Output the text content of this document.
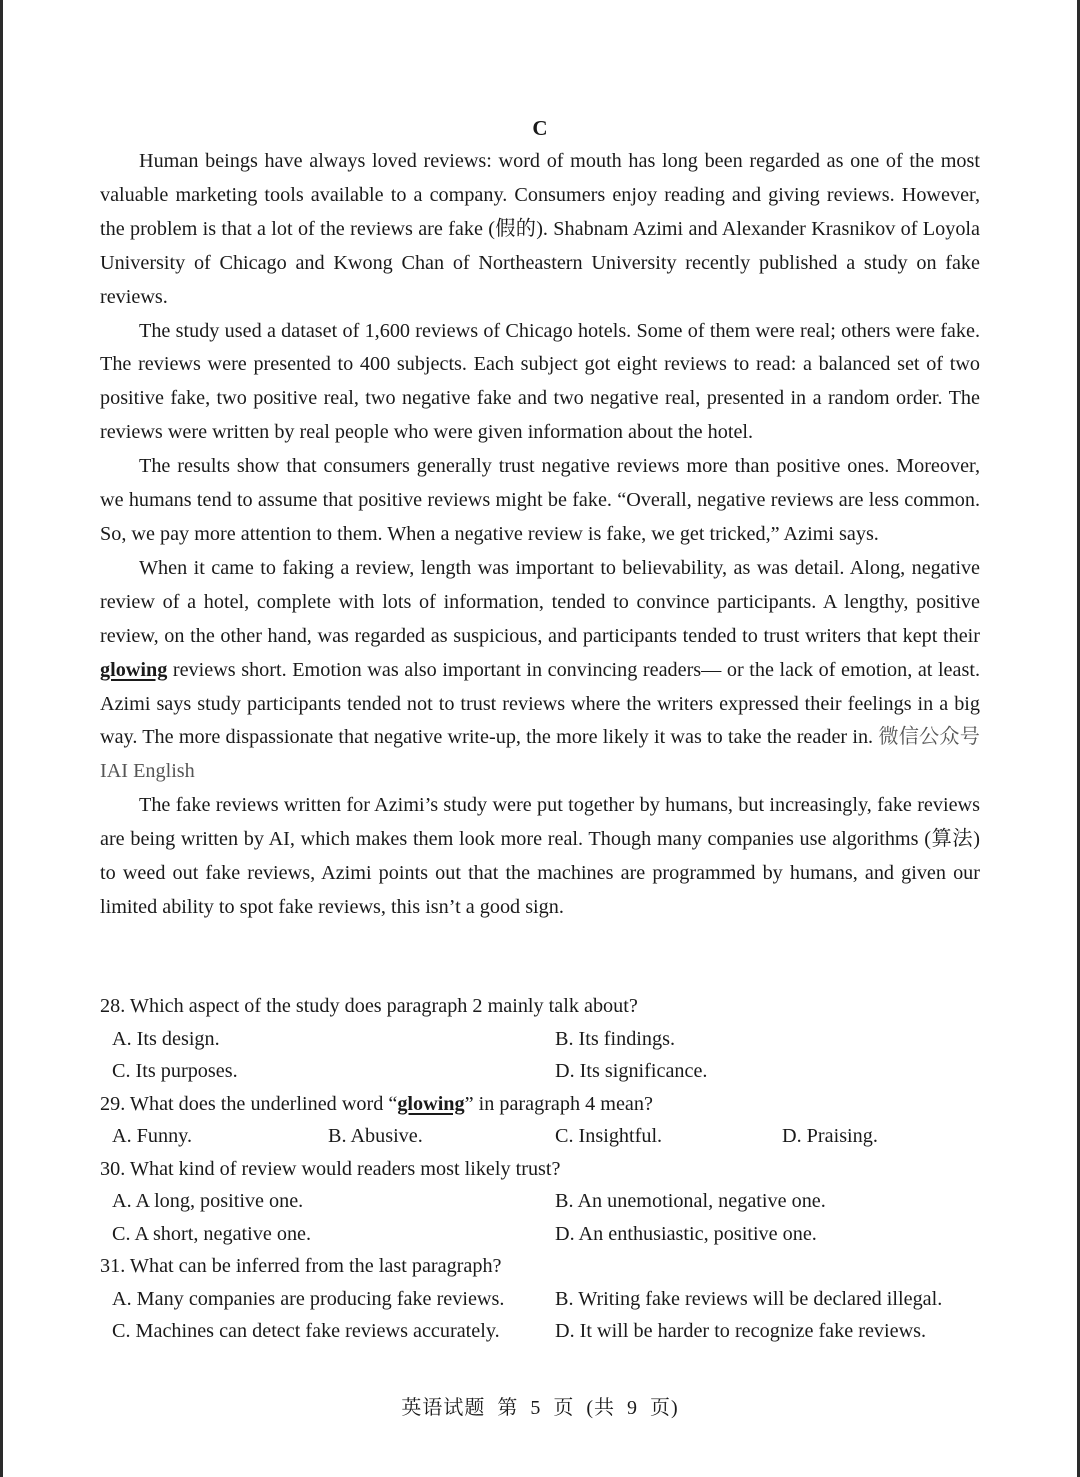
C

Human beings have always loved reviews: word of mouth has long been regarded as one of the most valuable marketing tools available to a company. Consumers enjoy reading and giving reviews. However, the problem is that a lot of the reviews are fake (假的). Shabnam Azimi and Alexander Krasnikov of Loyola University of Chicago and Kwong Chan of Northeastern University recently published a study on fake reviews.

The study used a dataset of 1,600 reviews of Chicago hotels. Some of them were real; others were fake. The reviews were presented to 400 subjects. Each subject got eight reviews to read: a balanced set of two positive fake, two positive real, two negative fake and two negative real, presented in a random order. The reviews were written by real people who were given information about the hotel.

The results show that consumers generally trust negative reviews more than positive ones. Moreover, we humans tend to assume that positive reviews might be fake. “Overall, negative reviews are less common. So, we pay more attention to them. When a negative review is fake, we get tricked,” Azimi says.

When it came to faking a review, length was important to believability, as was detail. Along, negative review of a hotel, complete with lots of information, tended to convince participants. A lengthy, positive review, on the other hand, was regarded as suspicious, and participants tended to trust writers that kept their glowing reviews short. Emotion was also important in convincing readers— or the lack of emotion, at least. Azimi says study participants tended not to trust reviews where the writers expressed their feelings in a big way. The more dispassionate that negative write-up, the more likely it was to take the reader in. 微信公众号 IAI English

The fake reviews written for Azimi’s study were put together by humans, but increasingly, fake reviews are being written by AI, which makes them look more real. Though many companies use algorithms (算法) to weed out fake reviews, Azimi points out that the machines are programmed by humans, and given our limited ability to spot fake reviews, this isn’t a good sign.

28. Which aspect of the study does paragraph 2 mainly talk about?

A. Its design.	B. Its findings.
C. Its purposes.	D. Its significance.

29. What does the underlined word “glowing” in paragraph 4 mean?

A. Funny.	B. Abusive.	C. Insightful.	D. Praising.

30. What kind of review would readers most likely trust?

A. A long, positive one.	B. An unemotional, negative one.
C. A short, negative one.	D. An enthusiastic, positive one.

31. What can be inferred from the last paragraph?

A. Many companies are producing fake reviews.	B. Writing fake reviews will be declared illegal.
C. Machines can detect fake reviews accurately.	D. It will be harder to recognize fake reviews.
英语试题 第 5 页 (共 9 页)
